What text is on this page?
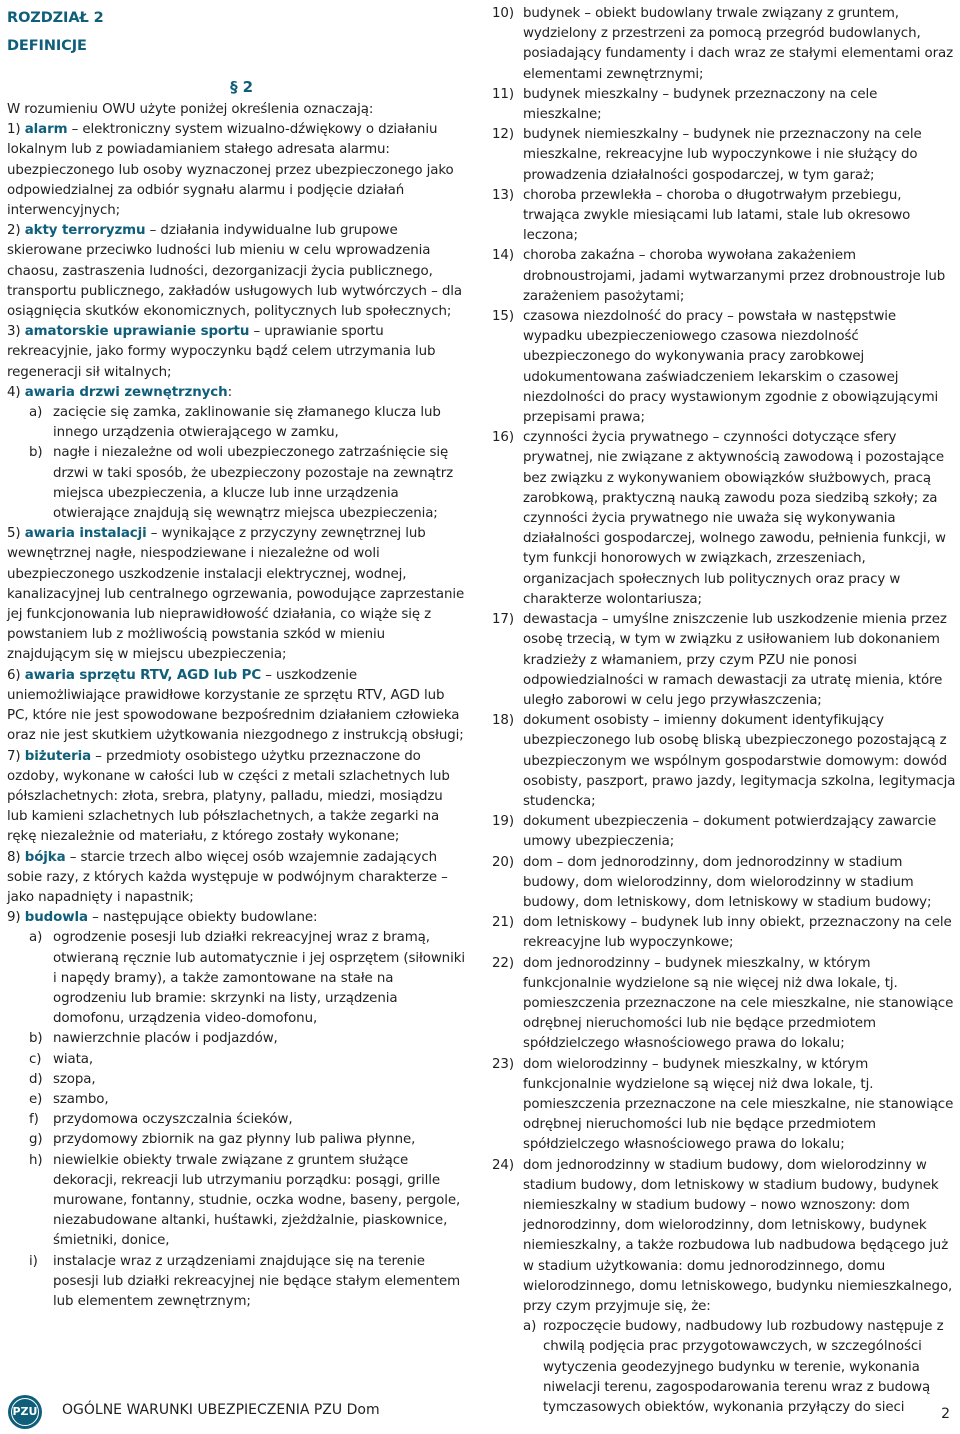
ROZDZIAŁ 2
DEFINICJE
§ 2

W rozumieniu OWU użyte poniżej określenia oznaczają:

1) alarm – elektroniczny system wizualno-dźwiękowy o działaniu lokalnym lub z powiadamianiem stałego adresata alarmu: ubezpieczonego lub osoby wyznaczonej przez ubezpieczonego jako odpowiedzialnej za odbiór sygnału alarmu i podjęcie działań interwencyjnych;

2) akty terroryzmu – działania indywidualne lub grupowe skierowane przeciwko ludności lub mieniu w celu wprowadzenia chaosu, zastraszenia ludności, dezorganizacji życia publicznego, transportu publicznego, zakładów usługowych lub wytwórczych – dla osiągnięcia skutków ekonomicznych, politycznych lub społecznych;

3) amatorskie uprawianie sportu – uprawianie sportu rekreacyjnie, jako formy wypoczynku bądź celem utrzymania lub regeneracji sił witalnych;

4) awaria drzwi zewnętrznych:

a) zacięcie się zamka, zaklinowanie się złamanego klucza lub innego urządzenia otwierającego w zamku,

b) nagłe i niezależne od woli ubezpieczonego zatrzaśnięcie się drzwi w taki sposób, że ubezpieczony pozostaje na zewnątrz miejsca ubezpieczenia, a klucze lub inne urządzenia otwierające znajdują się wewnątrz miejsca ubezpieczenia;

5) awaria instalacji – wynikające z przyczyny zewnętrznej lub wewnętrznej nagłe, niespodziewane i niezależne od woli ubezpieczonego uszkodzenie instalacji elektrycznej, wodnej, kanalizacyjnej lub centralnego ogrzewania, powodujące zaprzestanie jej funkcjonowania lub nieprawidłowość działania, co wiąże się z powstaniem lub z możliwością powstania szkód w mieniu znajdującym się w miejscu ubezpieczenia;

6) awaria sprzętu RTV, AGD lub PC – uszkodzenie uniemożliwiające prawidłowe korzystanie ze sprzętu RTV, AGD lub PC, które nie jest spowodowane bezpośrednim działaniem człowieka oraz nie jest skutkiem użytkowania niezgodnego z instrukcją obsługi;

7) biżuteria – przedmioty osobistego użytku przeznaczone do ozdoby, wykonane w całości lub w części z metali szlachetnych lub półszlachetnych: złota, srebra, platyny, palladu, miedzi, mosiądzu lub kamieni szlachetnych lub półszlachetnych, a także zegarki na rękę niezależnie od materiału, z którego zostały wykonane;

8) bójka – starcie trzech albo więcej osób wzajemnie zadających sobie razy, z których każda występuje w podwójnym charakterze – jako napadnięty i napastnik;

9) budowla – następujące obiekty budowlane:

a) ogrodzenie posesji lub działki rekreacyjnej wraz z bramą, otwieraną ręcznie lub automatycznie i jej osprzętem (siłowniki i napędy bramy), a także zamontowane na stałe na ogrodzeniu lub bramie: skrzynki na listy, urządzenia domofonu, urządzenia video-domofonu,

b) nawierzchnie placów i podjazdów,

c) wiata,

d) szopa,

e) szambo,

f) przydomowa oczyszczalnia ścieków,

g) przydomowy zbiornik na gaz płynny lub paliwa płynne,

h) niewielkie obiekty trwale związane z gruntem służące dekoracji, rekreacji lub utrzymaniu porządku: posągi, grille murowane, fontanny, studnie, oczka wodne, baseny, pergole, niezabudowane altanki, huśtawki, zjeżdżalnie, piaskownice, śmietniki, donice,

i) instalacje wraz z urządzeniami znajdujące się na terenie posesji lub działki rekreacyjnej nie będące stałym elementem lub elementem zewnętrznym;

10) budynek – obiekt budowlany trwale związany z gruntem, wydzielony z przestrzeni za pomocą przegród budowlanych, posiadający fundamenty i dach wraz ze stałymi elementami oraz elementami zewnętrznymi;

11) budynek mieszkalny – budynek przeznaczony na cele mieszkalne;

12) budynek niemieszkalny – budynek nie przeznaczony na cele mieszkalne, rekreacyjne lub wypoczynkowe i nie służący do prowadzenia działalności gospodarczej, w tym garaż;

13) choroba przewlekła – choroba o długotrwałym przebiegu, trwająca zwykle miesiącami lub latami, stale lub okresowo leczona;

14) choroba zakaźna – choroba wywołana zakażeniem drobnoustrojami, jadami wytwarzanymi przez drobnoustroje lub zarażeniem pasożytami;

15) czasowa niezdolność do pracy – powstała w następstwie wypadku ubezpieczeniowego czasowa niezdolność ubezpieczonego do wykonywania pracy zarobkowej udokumentowana zaświadczeniem lekarskim o czasowej niezdolności do pracy wystawionym zgodnie z obowiązującymi przepisami prawa;

16) czynności życia prywatnego – czynności dotyczące sfery prywatnej, nie związane z aktywnością zawodową i pozostające bez związku z wykonywaniem obowiązków służbowych, pracą zarobkową, praktyczną nauką zawodu poza siedzibą szkoły; za czynności życia prywatnego nie uważa się wykonywania działalności gospodarczej, wolnego zawodu, pełnienia funkcji, w tym funkcji honorowych w związkach, zrzeszeniach, organizacjach społecznych lub politycznych oraz pracy w charakterze wolontariusza;

17) dewastacja – umyślne zniszczenie lub uszkodzenie mienia przez osobę trzecią, w tym w związku z usiłowaniem lub dokonaniem kradzieży z włamaniem, przy czym PZU nie ponosi odpowiedzialności w ramach dewastacji za utratę mienia, które uległo zaborowi w celu jego przywłaszczenia;

18) dokument osobisty – imienny dokument identyfikujący ubezpieczonego lub osobę bliską ubezpieczonego pozostającą z ubezpieczonym we wspólnym gospodarstwie domowym: dowód osobisty, paszport, prawo jazdy, legitymacja szkolna, legitymacja studencka;

19) dokument ubezpieczenia – dokument potwierdzający zawarcie umowy ubezpieczenia;

20) dom – dom jednorodzinny, dom jednorodzinny w stadium budowy, dom wielorodzinny, dom wielorodzinny w stadium budowy, dom letniskowy, dom letniskowy w stadium budowy;

21) dom letniskowy – budynek lub inny obiekt, przeznaczony na cele rekreacyjne lub wypoczynkowe;

22) dom jednorodzinny – budynek mieszkalny, w którym funkcjonalnie wydzielone są nie więcej niż dwa lokale, tj. pomieszczenia przeznaczone na cele mieszkalne, nie stanowiące odrębnej nieruchomości lub nie będące przedmiotem spółdzielczego własnościowego prawa do lokalu;

23) dom wielorodzinny – budynek mieszkalny, w którym funkcjonalnie wydzielone są więcej niż dwa lokale, tj. pomieszczenia przeznaczone na cele mieszkalne, nie stanowiące odrębnej nieruchomości lub nie będące przedmiotem spółdzielczego własnościowego prawa do lokalu;

24) dom jednorodzinny w stadium budowy, dom wielorodzinny w stadium budowy, dom letniskowy w stadium budowy, budynek niemieszkalny w stadium budowy – nowo wznoszony: dom jednorodzinny, dom wielorodzinny, dom letniskowy, budynek niemieszkalny, a także rozbudowa lub nadbudowa będącego już w stadium użytkowania: domu jednorodzinnego, domu wielorodzinnego, domu letniskowego, budynku niemieszkalnego, przy czym przyjmuje się, że:

a) rozpoczęcie budowy, nadbudowy lub rozbudowy następuje z chwilą podjęcia prac przygotowawczych, w szczególności wytyczenia geodezyjnego budynku w terenie, wykonania niwelacji terenu, zagospodarowania terenu wraz z budową tymczasowych obiektów, wykonania przyłączy do sieci

PZU OGÓLNE WARUNKI UBEZPIECZENIA PZU Dom	2
